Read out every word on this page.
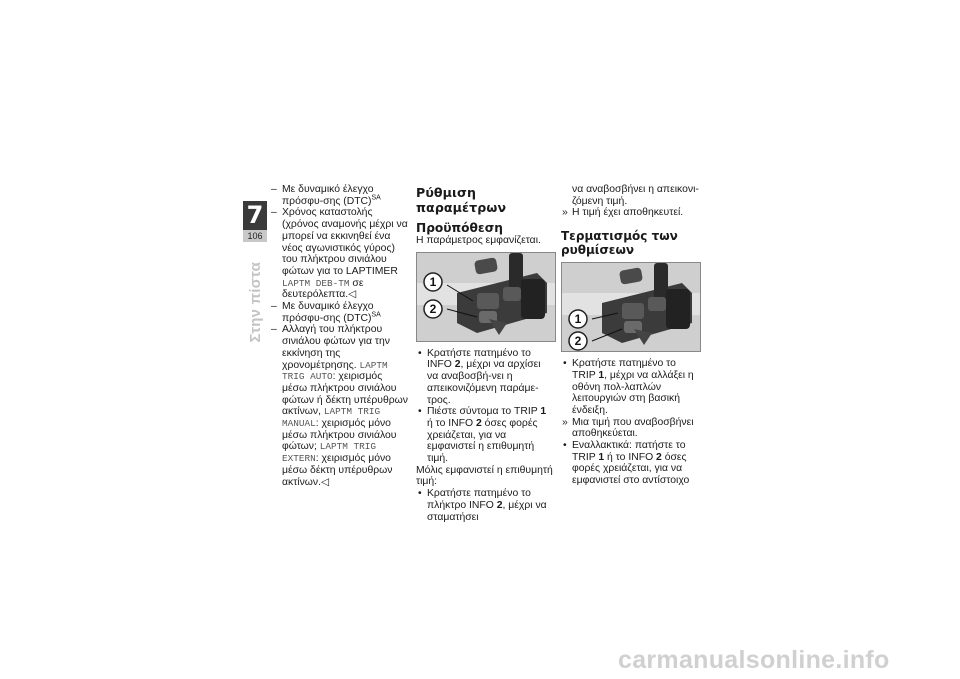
7
106
Στην πίστα
– Με δυναμικό έλεγχο πρόσφυ-σης (DTC)$^{SA}$
– Χρόνος καταστολής (χρόνος αναμονής μέχρι να μπορεί να εκκινηθεί ένα νέος αγωνιστικός γύρος) του πλήκτρου σινιάλου φώτων για το LAPTIMER LAPTM DEB-TM σε δευτερόλεπτα.◁
– Με δυναμικό έλεγχο πρόσφυ-σης (DTC)$^{SA}$
– Αλλαγή του πλήκτρου σινιάλου φώτων για την εκκίνηση της χρονομέτρησης. LAPTM TRIG AUTO: χειρισμός μέσω πλήκτρου σινιάλου φώτων ή δέκτη υπέρυθρων ακτίνων, LAPTM TRIG MANUAL: χειρισμός μόνο μέσω πλήκτρου σινιάλου φώτων; LAPTM TRIG EXTERN: χειρισμός μόνο μέσω δέκτη υπέρυθρων ακτίνων.◁
Ρύθμιση παραμέτρων
Προϋπόθεση
Η παράμετρος εμφανίζεται.
1
2
• Κρατήστε πατημένο το INFO 2, μέχρι να αρχίσει να αναβοσβή-νει η απεικονιζόμενη παράμε-τρος.
• Πιέστε σύντομα το TRIP 1 ή το INFO 2 όσες φορές χρειάζεται, για να εμφανιστεί η επιθυμητή τιμή.
Μόλις εμφανιστεί η επιθυμητή τιμή:
• Κρατήστε πατημένο το πλήκτρο INFO 2, μέχρι να σταματήσει
να αναβοσβήνει η απεικονι-ζόμενη τιμή.
» Η τιμή έχει αποθηκευτεί.
Τερματισμός των ρυθμίσεων
1
2
• Κρατήστε πατημένο το TRIP 1, μέχρι να αλλάξει η οθόνη πολ-λαπλών λειτουργιών στη βασική ένδειξη.
» Μια τιμή που αναβοσβήνει αποθηκεύεται.
• Εναλλακτικά: πατήστε το TRIP 1 ή το INFO 2 όσες φορές χρειάζεται, για να εμφανιστεί στο αντίστοιχο
carmanualsonline.info
